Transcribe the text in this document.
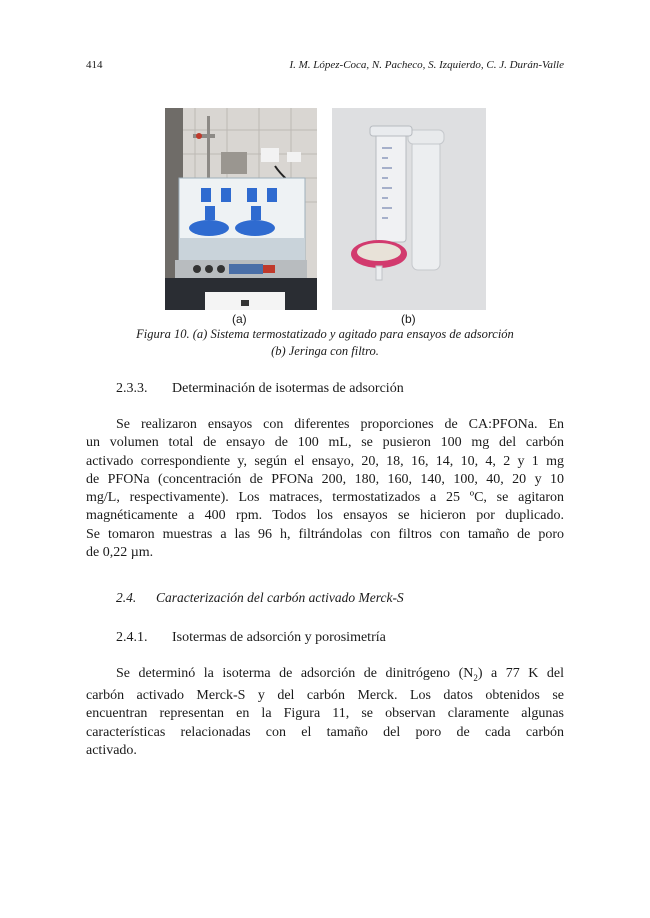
414	I. M. López-Coca, N. Pacheco, S. Izquierdo, C. J. Durán-Valle
(a)	(b)
Figura 10. (a) Sistema termostatizado y agitado para ensayos de adsorción
(b) Jeringa con filtro.
2.3.3. Determinación de isotermas de adsorción
Se realizaron ensayos con diferentes proporciones de CA:PFONa. En
un volumen total de ensayo de 100 mL, se pusieron 100 mg del carbón
activado correspondiente y, según el ensayo, 20, 18, 16, 14, 10, 4, 2 y 1 mg
de PFONa (concentración de PFONa 200, 180, 160, 140, 100, 40, 20 y 10
mg/L, respectivamente). Los matraces, termostatizados a 25 ºC, se agitaron
magnéticamente a 400 rpm. Todos los ensayos se hicieron por duplicado.
Se tomaron muestras a las 96 h, filtrándolas con filtros con tamaño de poro
de 0,22 µm.
2.4. Caracterización del carbón activado Merck-S
2.4.1. Isotermas de adsorción y porosimetría
Se determinó la isoterma de adsorción de dinitrógeno $(N_2)$ a 77 K del
carbón activado Merck-S y del carbón Merck. Los datos obtenidos se
encuentran representan en la Figura 11, se observan claramente algunas
características relacionadas con el tamaño del poro de cada carbón
activado.
